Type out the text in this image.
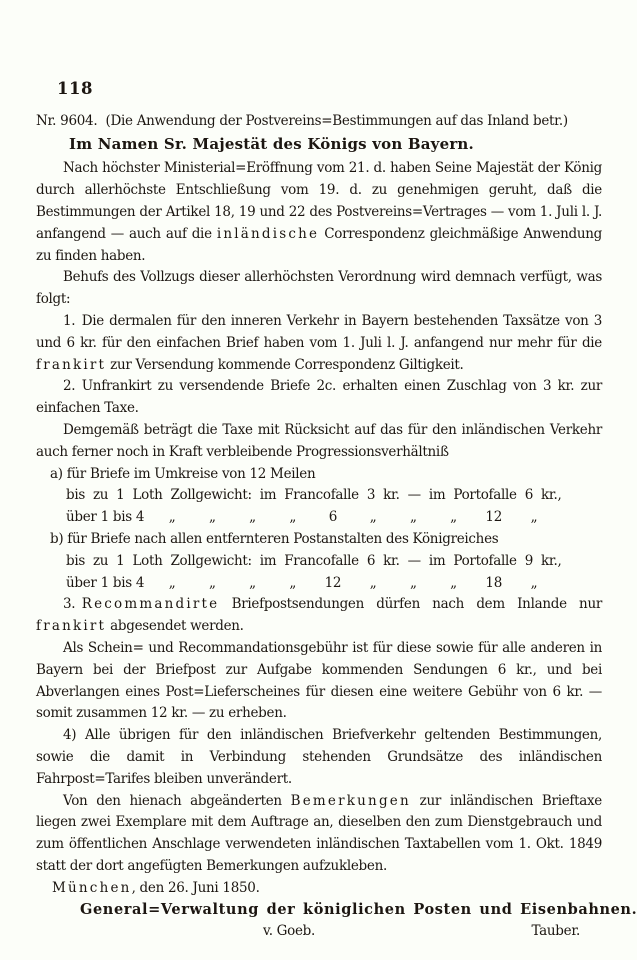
118
Nr. 9604. (Die Anwendung der Postvereins=Bestimmungen auf das Inland betr.)
Im Namen Sr. Majestät des Königs von Bayern.

Nach höchster Ministerial=Eröffnung vom 21. d. haben Seine Majestät der König durch allerhöchste Entschließung vom 19. d. zu genehmigen geruht, daß die Bestimmungen der Artikel 18, 19 und 22 des Postvereins=Vertrages — vom 1. Juli l. J. anfangend — auch auf die inländische Correspondenz gleichmäßige Anwendung zu finden haben.

Behufs des Vollzugs dieser allerhöchsten Verordnung wird demnach verfügt, was folgt:

1. Die dermalen für den inneren Verkehr in Bayern bestehenden Taxsätze von 3 und 6 kr. für den einfachen Brief haben vom 1. Juli l. J. anfangend nur mehr für die frankirt zur Versendung kommende Correspondenz Giltigkeit.

2. Unfrankirt zu versendende Briefe 2c. erhalten einen Zuschlag von 3 kr. zur einfachen Taxe.

Demgemäß beträgt die Taxe mit Rücksicht auf das für den inländischen Verkehr auch ferner noch in Kraft verbleibende Progressionsverhältniß

a) für Briefe im Umkreise von 12 Meilen
bis zu 1 Loth Zollgewicht: im Francofalle 3 kr. — im Portofalle 6 kr.,
über 1 bis 4	„	„	„	„	6	„	„	„	12	„
b) für Briefe nach allen entfernteren Postanstalten des Königreiches
bis zu 1 Loth Zollgewicht: im Francofalle 6 kr. — im Portofalle 9 kr.,
über 1 bis 4	„	„	„	„	12	„	„	„	18	„

3. Recommandirte Briefpostsendungen dürfen nach dem Inlande nur frankirt abgesendet werden.

Als Schein= und Recommandationsgebühr ist für diese sowie für alle anderen in Bayern bei der Briefpost zur Aufgabe kommenden Sendungen 6 kr., und bei Abverlangen eines Post=Lieferscheines für diesen eine weitere Gebühr von 6 kr. — somit zusammen 12 kr. — zu erheben.

4) Alle übrigen für den inländischen Briefverkehr geltenden Bestimmungen, sowie die damit in Verbindung stehenden Grundsätze des inländischen Fahrpost=Tarifes bleiben unverändert.

Von den hienach abgeänderten Bemerkungen zur inländischen Brieftaxe liegen zwei Exemplare mit dem Auftrage an, dieselben den zum Dienstgebrauch und zum öffentlichen Anschlage verwendeten inländischen Taxtabellen vom 1. Okt. 1849 statt der dort angefügten Bemerkungen aufzukleben.

München, den 26. Juni 1850.
General=Verwaltung der königlichen Posten und Eisenbahnen.
v. Goeb.	Tauber.
